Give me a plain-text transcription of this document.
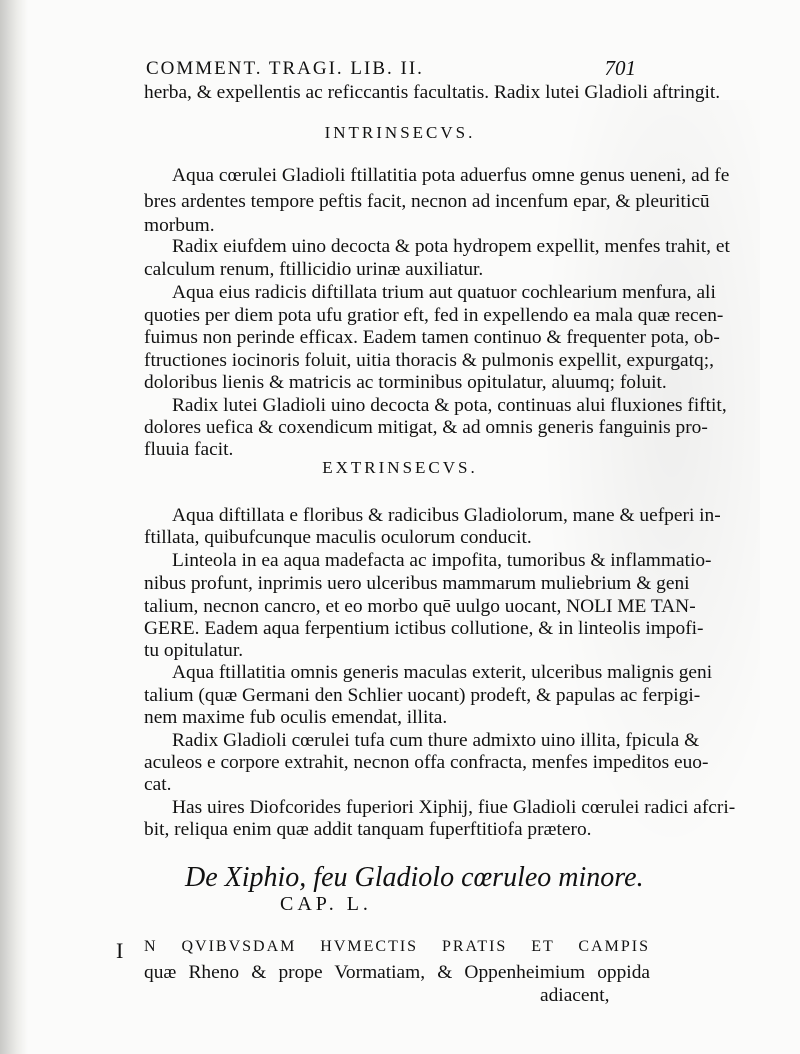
COMMENT. TRAGI. LIB. II.	701
herba, & expellentis ac reficcantis facultatis. Radix lutei Gladioli aftringit.
INTRINSECVS.
Aqua cœrulei Gladioli ftillatitia pota aduerfus omne genus ueneni, ad fe
bres ardentes tempore peftis facit, necnon ad incenfum epar, & pleuriticū
morbum.
Radix eiufdem uino decocta & pota hydropem expellit, menfes trahit, et
calculum renum, ftillicidio urinæ auxiliatur.
Aqua eius radicis diftillata trium aut quatuor cochlearium menfura, ali
quoties per diem pota ufu gratior eft, fed in expellendo ea mala quæ recen-
fuimus non perinde efficax. Eadem tamen continuo & frequenter pota, ob-
ftructiones iocinoris foluit, uitia thoracis & pulmonis expellit, expurgatq;,
doloribus lienis & matricis ac torminibus opitulatur, aluumq; foluit.
Radix lutei Gladioli uino decocta & pota, continuas alui fluxiones fiftit,
dolores uefica & coxendicum mitigat, & ad omnis generis fanguinis pro-
fluuia facit.
EXTRINSECVS.
Aqua diftillata e floribus & radicibus Gladiolorum, mane & uefperi in-
ftillata, quibufcunque maculis oculorum conducit.
Linteola in ea aqua madefacta ac impofita, tumoribus & inflammatio-
nibus profunt, inprimis uero ulceribus mammarum muliebrium & geni
talium, necnon cancro, et eo morbo quē uulgo uocant, NOLI ME TAN-
GERE. Eadem aqua ferpentium ictibus collutione, & in linteolis impofi-
tu opitulatur.
Aqua ftillatitia omnis generis maculas exterit, ulceribus malignis geni
talium (quæ Germani den Schlier uocant) prodeft, & papulas ac ferpigi-
nem maxime fub oculis emendat, illita.
Radix Gladioli cœrulei tufa cum thure admixto uino illita, fpicula &
aculeos e corpore extrahit, necnon offa confracta, menfes impeditos euo-
cat.
Has uires Diofcorides fuperiori Xiphij, fiue Gladioli cœrulei radici afcri-
bit, reliqua enim quæ addit tanquam fuperftitiofa prætero.
De Xiphio, feu Gladiolo cœruleo minore.
CAP. L.
I N QVIBVSDAM HVMECTIS PRATIS ET CAMPIS
quæ Rheno & prope Vormatiam, & Oppenheimium oppida
adiacent,
